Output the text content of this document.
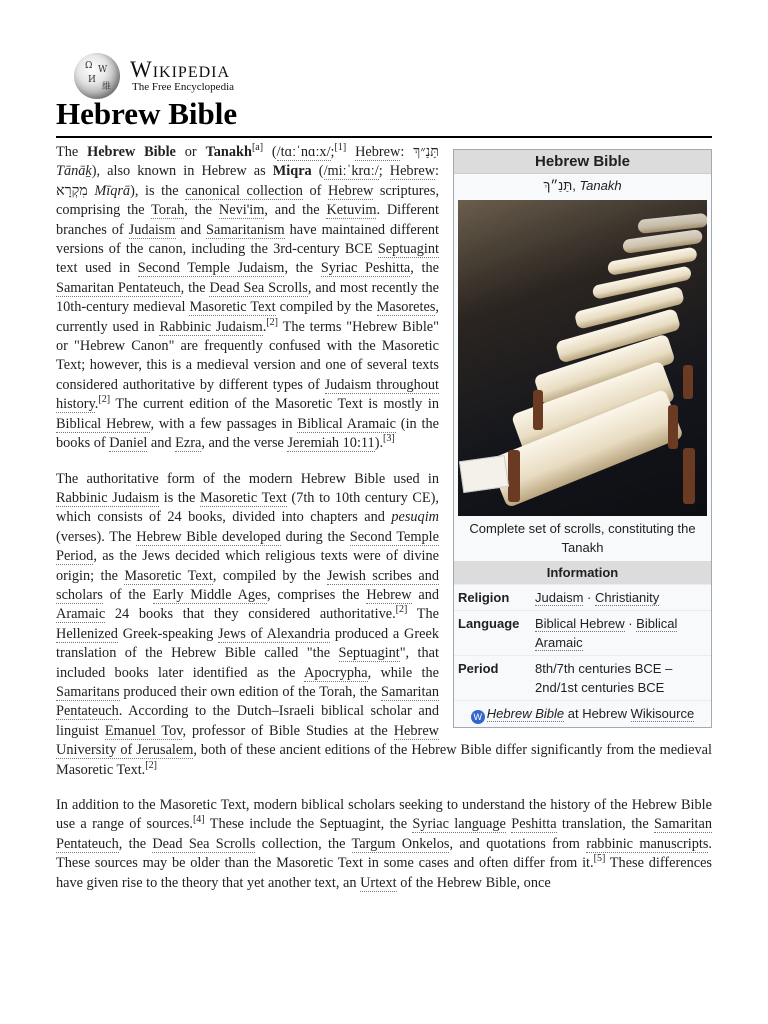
Ω W
И
維
Wikipedia
The Free Encyclopedia
Hebrew Bible
Hebrew Bible
תַּנַ״ךְ, Tanakh
Complete set of scrolls, constituting the Tanakh
Information
Religion	Judaism · Christianity
Language	Biblical Hebrew · Biblical Aramaic
Period	8th/7th centuries BCE – 2nd/1st centuries BCE
W Hebrew Bible at Hebrew Wikisource

The Hebrew Bible or Tanakh[a] (/tɑːˈnɑːx/;[1] Hebrew: תַּנַ״ךְ Tānāḵ), also known in Hebrew as Miqra (/miːˈkrɑː/; Hebrew: מִקְרָא Mīqrā), is the canonical collection of Hebrew scriptures, comprising the Torah, the Nevi'im, and the Ketuvim. Different branches of Judaism and Samaritanism have maintained different versions of the canon, including the 3rd-century BCE Septuagint text used in Second Temple Judaism, the Syriac Peshitta, the Samaritan Pentateuch, the Dead Sea Scrolls, and most recently the 10th-century medieval Masoretic Text compiled by the Masoretes, currently used in Rabbinic Judaism.[2] The terms "Hebrew Bible" or "Hebrew Canon" are frequently confused with the Masoretic Text; however, this is a medieval version and one of several texts considered authoritative by different types of Judaism throughout history.[2] The current edition of the Masoretic Text is mostly in Biblical Hebrew, with a few passages in Biblical Aramaic (in the books of Daniel and Ezra, and the verse Jeremiah 10:11).[3]

The authoritative form of the modern Hebrew Bible used in Rabbinic Judaism is the Masoretic Text (7th to 10th century CE), which consists of 24 books, divided into chapters and pesuqim (verses). The Hebrew Bible developed during the Second Temple Period, as the Jews decided which religious texts were of divine origin; the Masoretic Text, compiled by the Jewish scribes and scholars of the Early Middle Ages, comprises the Hebrew and Aramaic 24 books that they considered authoritative.[2] The Hellenized Greek-speaking Jews of Alexandria produced a Greek translation of the Hebrew Bible called "the Septuagint", that included books later identified as the Apocrypha, while the Samaritans produced their own edition of the Torah, the Samaritan Pentateuch. According to the Dutch–Israeli biblical scholar and linguist Emanuel Tov, professor of Bible Studies at the Hebrew University of Jerusalem, both of these ancient editions of the Hebrew Bible differ significantly from the medieval Masoretic Text.[2]

In addition to the Masoretic Text, modern biblical scholars seeking to understand the history of the Hebrew Bible use a range of sources.[4] These include the Septuagint, the Syriac language Peshitta translation, the Samaritan Pentateuch, the Dead Sea Scrolls collection, the Targum Onkelos, and quotations from rabbinic manuscripts. These sources may be older than the Masoretic Text in some cases and often differ from it.[5] These differences have given rise to the theory that yet another text, an Urtext of the Hebrew Bible, once
